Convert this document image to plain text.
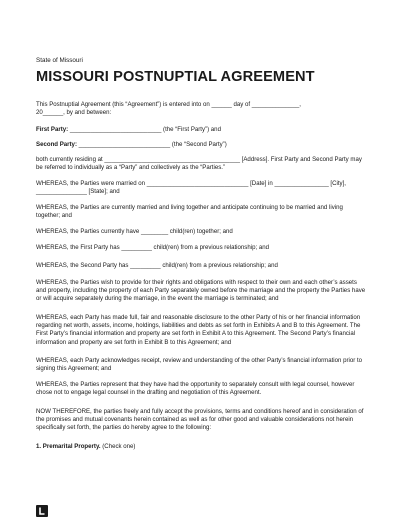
State of Missouri
MISSOURI POSTNUPTIAL AGREEMENT

This Postnuptial Agreement (this “Agreement”) is entered into on ______ day of ______________,
20______, by and between:

First Party: ___________________________ (the “First Party”) and

Second Party: ___________________________ (the “Second Party”)

both currently residing at ________________________________________ [Address]. First Party and Second Party may be referred to individually as a “Party” and collectively as the “Parties.”

WHEREAS, the Parties were married on ______________________________ [Date] in ________________ [City], _______________ [State]; and

WHEREAS, the Parties are currently married and living together and anticipate continuing to be married and living together; and

WHEREAS, the Parties currently have ________ child(ren) together; and

WHEREAS, the First Party has _________ child(ren) from a previous relationship; and

WHEREAS, the Second Party has _________ child(ren) from a previous relationship; and

WHEREAS, the Parties wish to provide for their rights and obligations with respect to their own and each other’s assets and property, including the property of each Party separately owned before the marriage and the property the Parties have or will acquire separately during the marriage, in the event the marriage is terminated; and

WHEREAS, each Party has made full, fair and reasonable disclosure to the other Party of his or her financial information regarding net worth, assets, income, holdings, liabilities and debts as set forth in Exhibits A and B to this Agreement. The First Party’s financial information and property are set forth in Exhibit A to this Agreement. The Second Party’s financial information and property are set forth in Exhibit B to this Agreement; and

WHEREAS, each Party acknowledges receipt, review and understanding of the other Party’s financial information prior to signing this Agreement; and

WHEREAS, the Parties represent that they have had the opportunity to separately consult with legal counsel, however chose not to engage legal counsel in the drafting and negotiation of this Agreement.

NOW THEREFORE, the parties freely and fully accept the provisions, terms and conditions hereof and in consideration of the promises and mutual covenants herein contained as well as for other good and valuable considerations not herein specifically set forth, the parties do hereby agree to the following:

1. Premarital Property. (Check one)
